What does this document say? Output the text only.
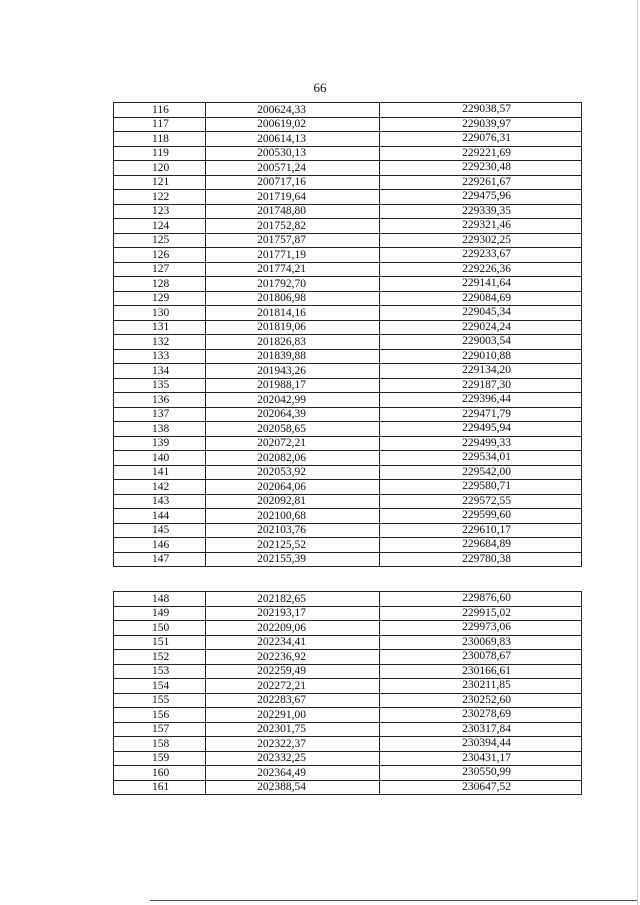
66
116	200624,33	229038,57
117	200619,02	229039,97
118	200614,13	229076,31
119	200530,13	229221,69
120	200571,24	229230,48
121	200717,16	229261,67
122	201719,64	229475,96
123	201748,80	229339,35
124	201752,82	229321,46
125	201757,87	229302,25
126	201771,19	229233,67
127	201774,21	229226,36
128	201792,70	229141,64
129	201806,98	229084,69
130	201814,16	229045,34
131	201819,06	229024,24
132	201826,83	229003,54
133	201839,88	229010,88
134	201943,26	229134,20
135	201988,17	229187,30
136	202042,99	229396,44
137	202064,39	229471,79
138	202058,65	229495,94
139	202072,21	229499,33
140	202082,06	229534,01
141	202053,92	229542,00
142	202064,06	229580,71
143	202092,81	229572,55
144	202100,68	229599,60
145	202103,76	229610,17
146	202125,52	229684,89
147	202155,39	229780,38
148	202182,65	229876,60
149	202193,17	229915,02
150	202209,06	229973,06
151	202234,41	230069,83
152	202236,92	230078,67
153	202259,49	230166,61
154	202272,21	230211,85
155	202283,67	230252,60
156	202291,00	230278,69
157	202301,75	230317,84
158	202322,37	230394,44
159	202332,25	230431,17
160	202364,49	230550,99
161	202388,54	230647,52
